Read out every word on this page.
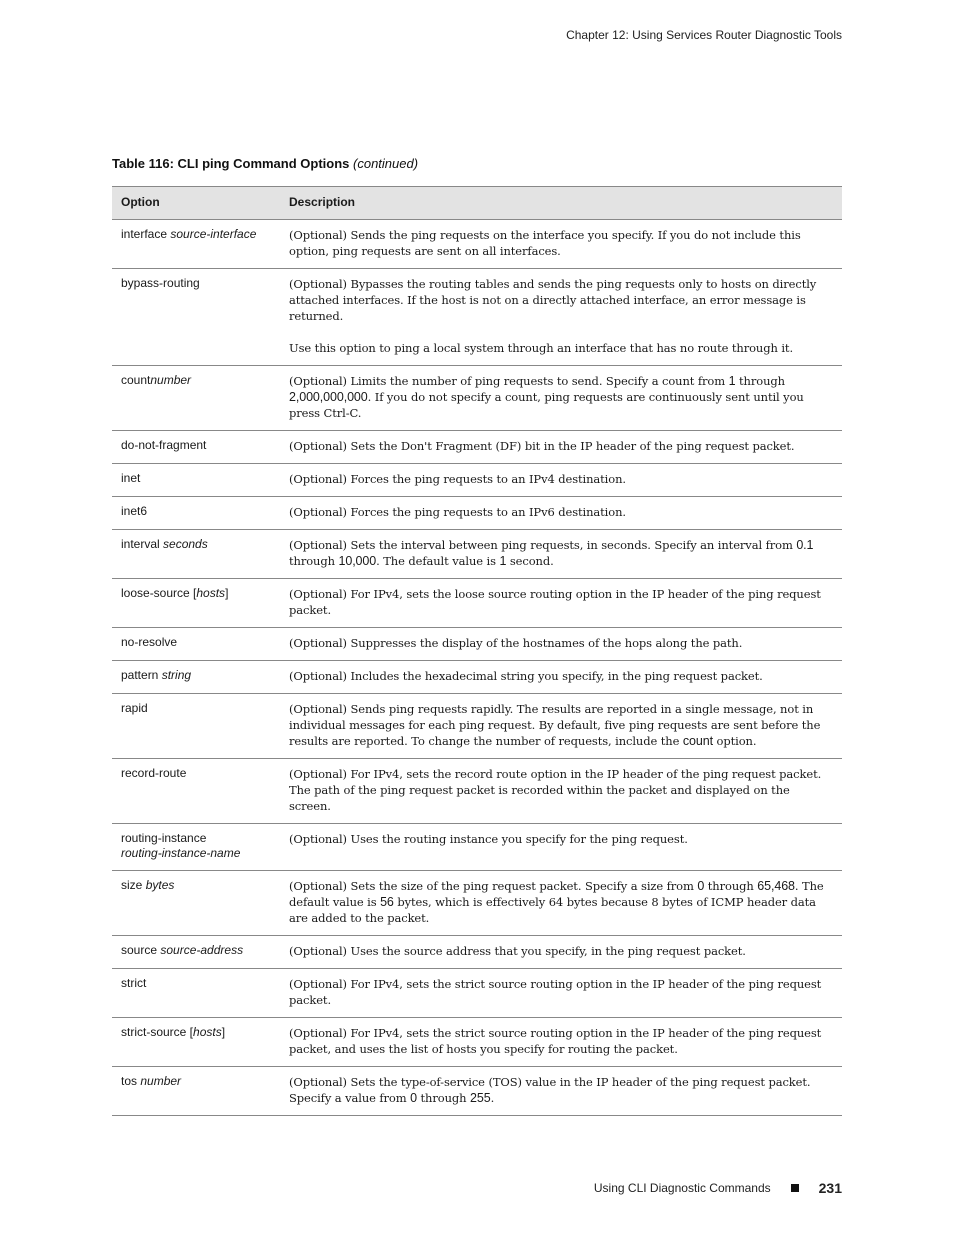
Chapter 12: Using Services Router Diagnostic Tools
Table 116: CLI ping Command Options (continued)
Option	Description
interface source-interface	(Optional) Sends the ping requests on the interface you specify. If you do not include this option, ping requests are sent on all interfaces.

bypass-routing	(Optional) Bypasses the routing tables and sends the ping requests only to hosts on directly attached interfaces. If the host is not on a directly attached interface, an error message is returned.

Use this option to ping a local system through an interface that has no route through it.

countnumber	(Optional) Limits the number of ping requests to send. Specify a count from 1 through 2,000,000,000. If you do not specify a count, ping requests are continuously sent until you press Ctrl-C.

do-not-fragment	(Optional) Sets the Don't Fragment (DF) bit in the IP header of the ping request packet.

inet	(Optional) Forces the ping requests to an IPv4 destination.

inet6	(Optional) Forces the ping requests to an IPv6 destination.

interval seconds	(Optional) Sets the interval between ping requests, in seconds. Specify an interval from 0.1 through 10,000. The default value is 1 second.

loose-source [hosts]	(Optional) For IPv4, sets the loose source routing option in the IP header of the ping request packet.

no-resolve	(Optional) Suppresses the display of the hostnames of the hops along the path.

pattern string	(Optional) Includes the hexadecimal string you specify, in the ping request packet.

rapid	(Optional) Sends ping requests rapidly. The results are reported in a single message, not in individual messages for each ping request. By default, five ping requests are sent before the results are reported. To change the number of requests, include the count option.

record-route	(Optional) For IPv4, sets the record route option in the IP header of the ping request packet. The path of the ping request packet is recorded within the packet and displayed on the screen.

routing-instance
routing-instance-name	(Optional) Uses the routing instance you specify for the ping request.

size bytes	(Optional) Sets the size of the ping request packet. Specify a size from 0 through 65,468. The default value is 56 bytes, which is effectively 64 bytes because 8 bytes of ICMP header data are added to the packet.

source source-address	(Optional) Uses the source address that you specify, in the ping request packet.

strict	(Optional) For IPv4, sets the strict source routing option in the IP header of the ping request packet.

strict-source [hosts]	(Optional) For IPv4, sets the strict source routing option in the IP header of the ping request packet, and uses the list of hosts you specify for routing the packet.

tos number	(Optional) Sets the type-of-service (TOS) value in the IP header of the ping request packet. Specify a value from 0 through 255.

Using CLI Diagnostic Commands	231
